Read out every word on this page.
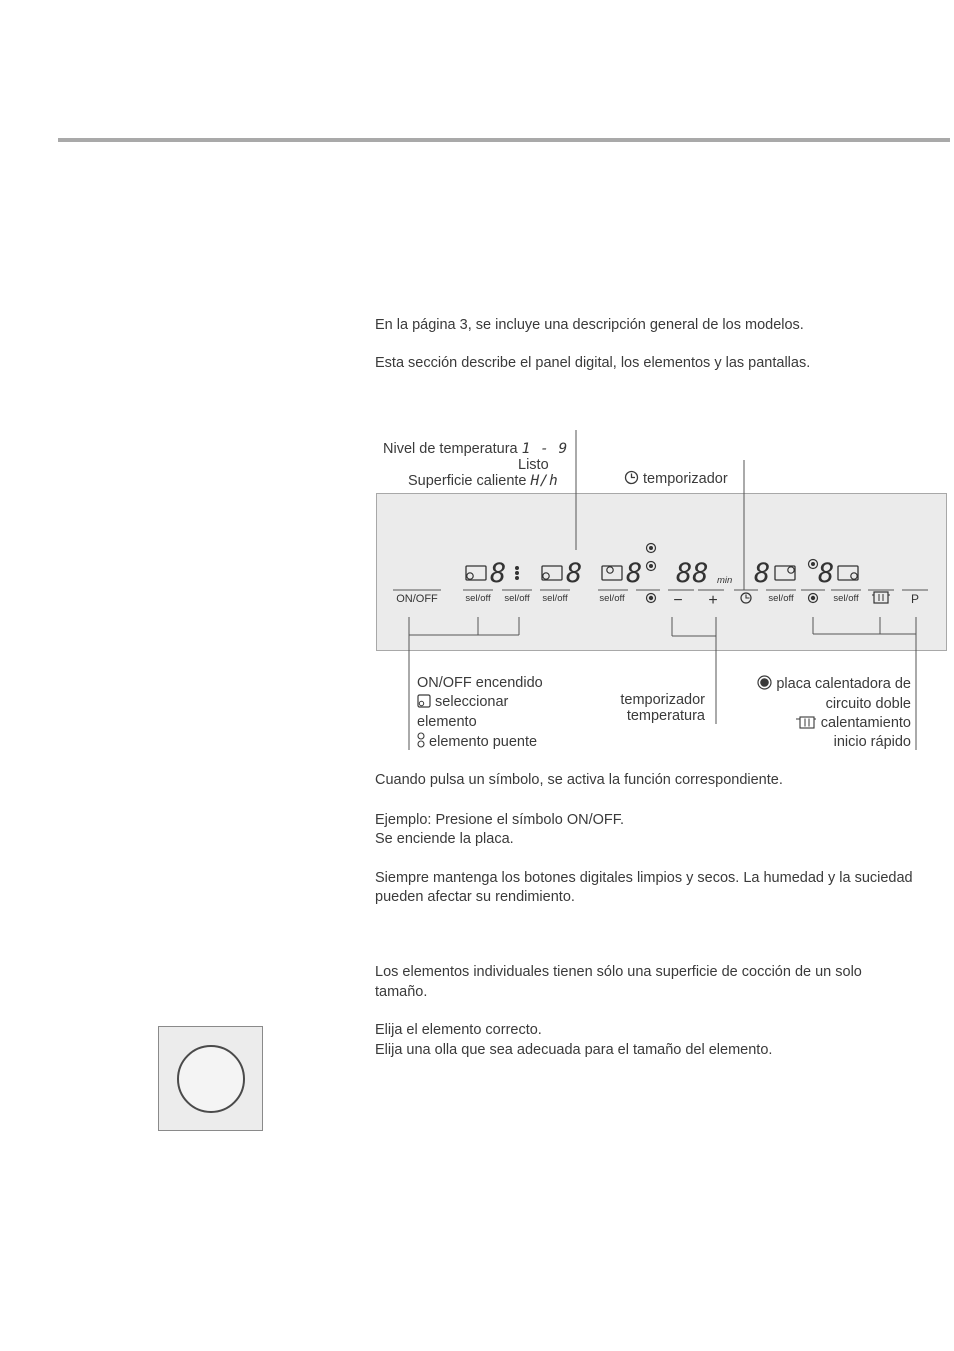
En la página 3, se incluye una descripción general de los modelos.
Esta sección describe el panel digital, los elementos y las pantallas.
Nivel de temperatura 1 - 9
Listo
Superficie caliente H/h	temporizador
ON/OFF
8
sel/off sel/off
8
sel/off
8
sel/off
88 min
− +
8
sel/off
8
sel/off	P
ON/OFF encendido
seleccionar
elemento
elemento puente
temporizador
temperatura
placa calentadora de
circuito doble
calentamiento
inicio rápido
Cuando pulsa un símbolo, se activa la función correspondiente.
Ejemplo: Presione el símbolo ON/OFF.
Se enciende la placa.
Siempre mantenga los botones digitales limpios y secos. La humedad y la suciedad
pueden afectar su rendimiento.
Los elementos individuales tienen sólo una superficie de cocción de un solo
tamaño.
Elija el elemento correcto.
Elija una olla que sea adecuada para el tamaño del elemento.
